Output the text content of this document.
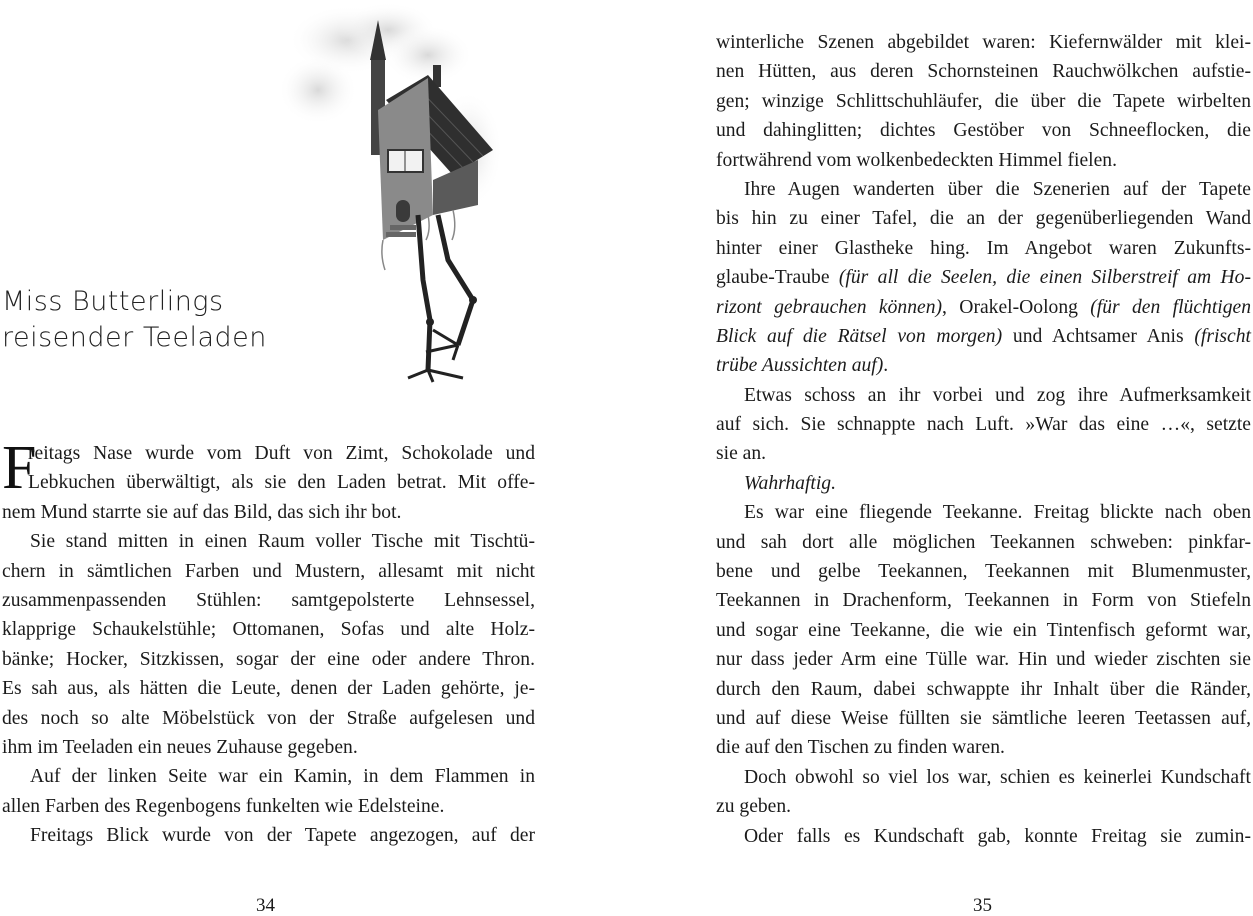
Miss Butterlings
reisender Teeladen
F
reitags Nase wurde vom Duft von Zimt, Schokolade und
Lebkuchen überwältigt, als sie den Laden betrat. Mit offe-
nem Mund starrte sie auf das Bild, das sich ihr bot.
Sie stand mitten in einen Raum voller Tische mit Tischtü-
chern in sämtlichen Farben und Mustern, allesamt mit nicht
zusammenpassenden Stühlen: samtgepolsterte Lehnsessel,
klapprige Schaukelstühle; Ottomanen, Sofas und alte Holz-
bänke; Hocker, Sitzkissen, sogar der eine oder andere Thron.
Es sah aus, als hätten die Leute, denen der Laden gehörte, je-
des noch so alte Möbelstück von der Straße aufgelesen und
ihm im Teeladen ein neues Zuhause gegeben.
Auf der linken Seite war ein Kamin, in dem Flammen in
allen Farben des Regenbogens funkelten wie Edelsteine.
Freitags Blick wurde von der Tapete angezogen, auf der
34
winterliche Szenen abgebildet waren: Kiefernwälder mit klei-
nen Hütten, aus deren Schornsteinen Rauchwölkchen aufstie-
gen; winzige Schlittschuhläufer, die über die Tapete wirbelten
und dahinglitten; dichtes Gestöber von Schneeflocken, die
fortwährend vom wolkenbedeckten Himmel fielen.
Ihre Augen wanderten über die Szenerien auf der Tapete
bis hin zu einer Tafel, die an der gegenüberliegenden Wand
hinter einer Glastheke hing. Im Angebot waren Zukunfts-
glaube-Traube (für all die Seelen, die einen Silberstreif am Ho-
rizont gebrauchen können), Orakel-Oolong (für den flüchtigen
Blick auf die Rätsel von morgen) und Achtsamer Anis (frischt
trübe Aussichten auf).
Etwas schoss an ihr vorbei und zog ihre Aufmerksamkeit
auf sich. Sie schnappte nach Luft. »War das eine …«, setzte
sie an.
Wahrhaftig.
Es war eine fliegende Teekanne. Freitag blickte nach oben
und sah dort alle möglichen Teekannen schweben: pinkfar-
bene und gelbe Teekannen, Teekannen mit Blumenmuster,
Teekannen in Drachenform, Teekannen in Form von Stiefeln
und sogar eine Teekanne, die wie ein Tintenfisch geformt war,
nur dass jeder Arm eine Tülle war. Hin und wieder zischten sie
durch den Raum, dabei schwappte ihr Inhalt über die Ränder,
und auf diese Weise füllten sie sämtliche leeren Teetassen auf,
die auf den Tischen zu finden waren.
Doch obwohl so viel los war, schien es keinerlei Kundschaft
zu geben.
Oder falls es Kundschaft gab, konnte Freitag sie zumin-
35
